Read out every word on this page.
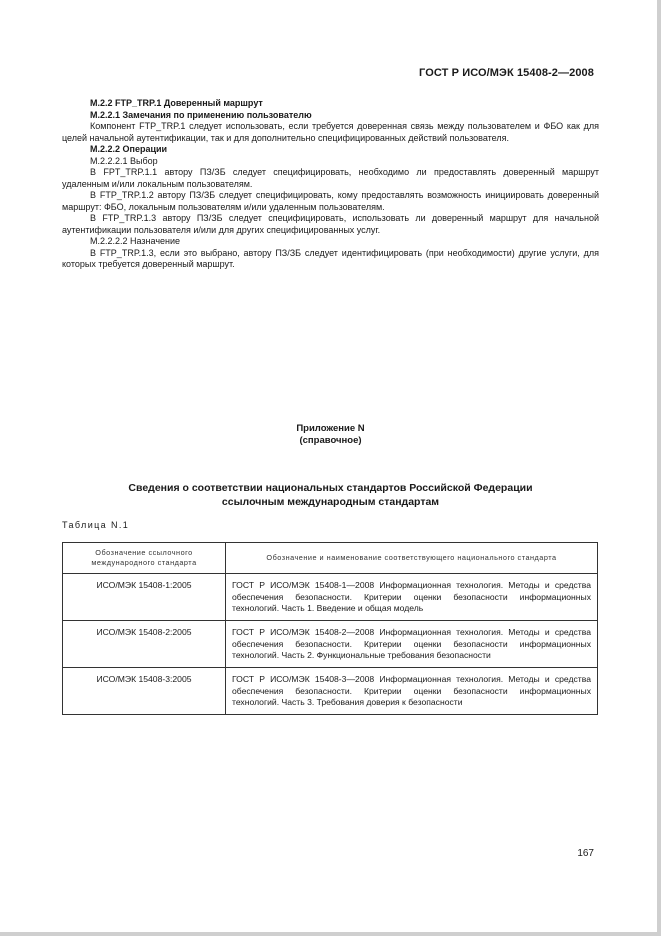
ГОСТ Р ИСО/МЭК 15408-2—2008

М.2.2 FTP_TRP.1 Доверенный маршрут

М.2.2.1 Замечания по применению пользователю

Компонент FTP_TRP.1 следует использовать, если требуется доверенная связь между пользователем и ФБО как для целей начальной аутентификации, так и для дополнительно специфицированных действий пользователя.

М.2.2.2 Операции

М.2.2.2.1 Выбор

В FPT_TRP.1.1 автору ПЗ/ЗБ следует специфицировать, необходимо ли предоставлять доверенный маршрут удаленным и/или локальным пользователям.

В FTP_TRP.1.2 автору ПЗ/ЗБ следует специфицировать, кому предоставлять возможность инициировать доверенный маршрут: ФБО, локальным пользователям и/или удаленным пользователям.

В FTP_TRP.1.3 автору ПЗ/ЗБ следует специфицировать, использовать ли доверенный маршрут для начальной аутентификации пользователя и/или для других специфицированных услуг.

М.2.2.2.2 Назначение

В FTP_TRP.1.3, если это выбрано, автору ПЗ/ЗБ следует идентифицировать (при необходимости) другие услуги, для которых требуется доверенный маршрут.

Приложение N
(справочное)
Сведения о соответствии национальных стандартов Российской Федерации
ссылочным международным стандартам
Таблица N.1
Обозначение ссылочного международного стандарта	Обозначение и наименование соответствующего национального стандарта
ИСО/МЭК 15408-1:2005	ГОСТ Р ИСО/МЭК 15408-1—2008 Информационная технология. Методы и средства обеспечения безопасности. Критерии оценки безопасности информационных технологий. Часть 1. Введение и общая модель
ИСО/МЭК 15408-2:2005	ГОСТ Р ИСО/МЭК 15408-2—2008 Информационная технология. Методы и средства обеспечения безопасности. Критерии оценки безопасности информационных технологий. Часть 2. Функциональные требования безопасности
ИСО/МЭК 15408-3:2005	ГОСТ Р ИСО/МЭК 15408-3—2008 Информационная технология. Методы и средства обеспечения безопасности. Критерии оценки безопасности информационных технологий. Часть 3. Требования доверия к безопасности
167
